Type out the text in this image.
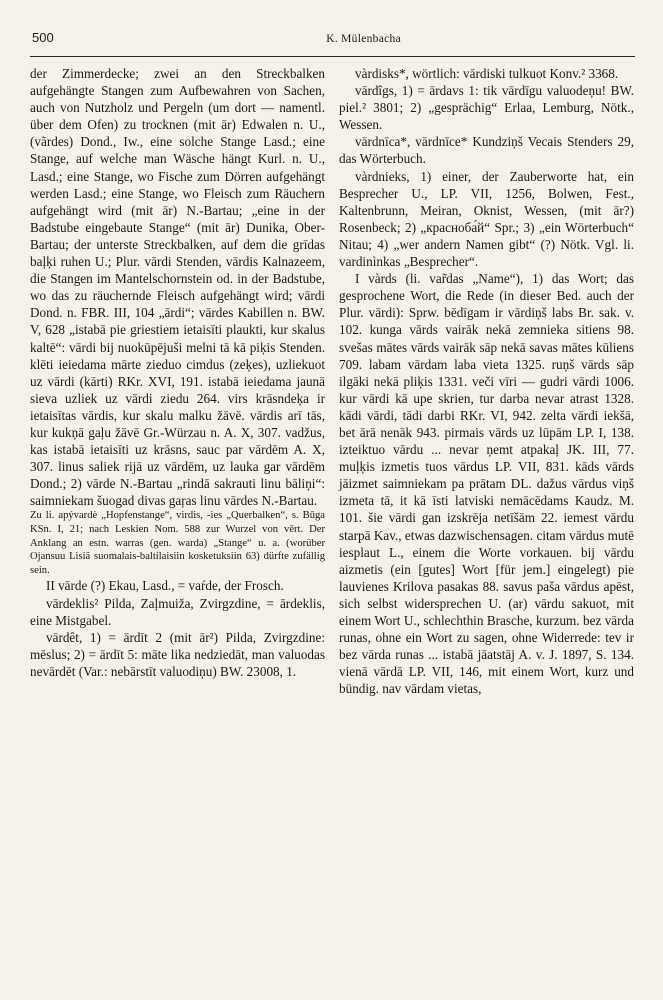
500	K. Mülenbacha

der Zimmerdecke; zwei an den Streckbalken aufgehängte Stangen zum Aufbewahren von Sachen, auch von Nutzholz und Pergeln (um dort — namentl. über dem Ofen) zu trocknen (mit ār) Edwalen n. U., (vãrdes) Dond., Iw., eine solche Stange Lasd.; eine Stange, auf welche man Wäsche hängt Kurl. n. U., Lasd.; eine Stange, wo Fische zum Dörren aufgehängt werden Lasd.; eine Stange, wo Fleisch zum Räuchern aufgehängt wird (mit ār) N.-Bartau; „eine in der Badstube eingebaute Stange“ (mit ār) Dunika, Ober-Bartau; der unterste Streckbalken, auf dem die grīdas baļķi ruhen U.; Plur. vārdi Stenden, vārdis Kalnazeem, die Stangen im Mantelschornstein od. in der Badstube, wo das zu räuchernde Fleisch aufgehängt wird; vārdi Dond. n. FBR. III, 104 „ārdi“; vārdes Kabillen n. BW. V, 628 „istabā pie griestiem ietaisīti plaukti, kur skalus kaltē“: vārdi bij nuokūpējuši melni tā kā piķis Stenden. klēti ieiedama mārte zieduo cimdus (zeķes), uzliekuot uz vārdi (kārti) RKr. XVI, 191. istabā ieiedama jaunā sieva uzliek uz vārdi ziedu 264. virs krāsndeķa ir ietaisītas vārdis, kur skalu malku žāvē. vārdis arī tās, kur kukņā gaļu žāvē Gr.-Würzau n. A. X, 307. vadžus, kas istabā ietaisīti uz krāsns, sauc par vārdēm A. X, 307. linus saliek rijā uz vārdēm, uz lauka gar vārdēm Dond.; 2) vārde N.-Bartau „rindā sakrauti linu bāliņi“: saimniekam šuogad divas gaŗas linu vārdes N.-Bartau.

Zu li. apývardė „Hopfenstange“, virdis, -ies „Querbalken“, s. Būga KSn. I, 21; nach Leskien Nom. 588 zur Wurzel von vērt. Der Anklang an estn. warras (gen. warda) „Stange“ u. a. (worüber Ojansuu Lisiä suomalais-baltilaisiin kosketuksiin 63) dürfte zufällig sein.

II vārde (?) Ekau, Lasd., = vaŕde, der Frosch.

vārdeklis² Pilda, Zaļmuiža, Zvirgzdine, = ārdeklis, eine Mistgabel.

vārdêt, 1) = ārdīt 2 (mit ār²) Pilda, Zvirgzdine: mēslus; 2) = ārdīt 5: māte lika nedziedāt, man valuodas nevārdēt (Var.: nebārstīt valuodiņu) BW. 23008, 1.

vàrdisks*, wörtlich: vārdiski tulkuot Konv.² 3368.

vārdîgs, 1) = ārdavs 1: tik vārdīgu valuodeņu! BW. piel.² 3801; 2) „gesprächig“ Erlaa, Lemburg, Nötk., Wessen.

vārdnīca*, vārdnīce* Kundziņš Vecais Stenders 29, das Wörterbuch.

vàrdnieks, 1) einer, der Zauberworte hat, ein Besprecher U., LP. VII, 1256, Bolwen, Fest., Kaltenbrunn, Meiran, Oknist, Wessen, (mit ār?) Rosenbeck; 2) „красноба́й“ Spr.; 3) „ein Wörterbuch“ Nitau; 4) „wer andern Namen gibt“ (?) Nötk. Vgl. li. vardinìnkas „Besprecher“.

I vàrds (li. var̃das „Name“), 1) das Wort; das gesprochene Wort, die Rede (in dieser Bed. auch der Plur. vārdi): Sprw. bēdīgam ir vārdiņš labs Br. sak. v. 102. kunga vārds vairāk nekā zemnieka sitiens 98. svešas mātes vārds vairāk sāp nekā savas mātes kūliens 709. labam vārdam laba vieta 1325. ruņš vārds sāp ilgāki nekā pliķis 1331. veči vīri — gudri vārdi 1006. kur vārdi kā upe skrien, tur darba nevar atrast 1328. kādi vārdi, tādi darbi RKr. VI, 942. zelta vārdi iekšā, bet ārā nenāk 943. pirmais vārds uz lūpām LP. I, 138. izteiktuo vārdu ... nevar ņemt atpakaļ JK. III, 77. muļķis izmetis tuos vārdus LP. VII, 831. kāds vārds jāizmet saimniekam pa prātam DL. dažus vārdus viņš izmeta tā, it kā īsti latviski nemācēdams Kaudz. M. 101. šie vārdi gan izskrēja netīšām 22. iemest vārdu starpā Kav., etwas dazwischensagen. citam vārdus mutē iesplaut L., einem die Worte vorkauen. bij vārdu aizmetis (ein [gutes] Wort [für jem.] eingelegt) pie lauvienes Krilova pasakas 88. savus paša vārdus apēst, sich selbst widersprechen U. (ar) vārdu sakuot, mit einem Wort U., schlechthin Brasche, kurzum. bez vārda runas, ohne ein Wort zu sagen, ohne Widerrede: tev ir bez vārda runas ... istabā jāatstāj A. v. J. 1897, S. 134. vienā vārdā LP. VII, 146, mit einem Wort, kurz und bündig. nav vārdam vietas,
